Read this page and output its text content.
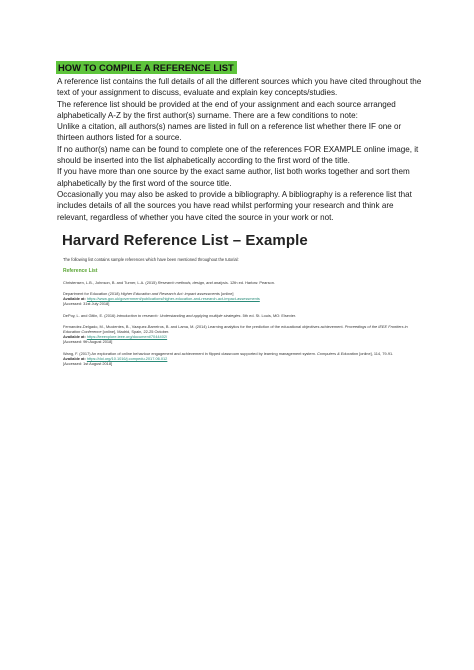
HOW TO COMPILE A REFERENCE LIST

A reference list contains the full details of all the different sources which you have cited throughout the text of your assignment to discuss, evaluate and explain key concepts/studies.

The reference list should be provided at the end of your assignment and each source arranged alphabetically A-Z by the first author(s) surname. There are a few conditions to note:

Unlike a citation, all authors(s) names are listed in full on a reference list whether there IF one or thirteen authors listed for a source.

If no author(s) name can be found to complete one of the references FOR EXAMPLE online image, it should be inserted into the list alphabetically according to the first word of the title.

If you have more than one source by the exact same author, list both works together and sort them alphabetically by the first word of the source title.

Occasionally you may also be asked to provide a bibliography. A bibliography is a reference list that includes details of all the sources you have read whilst performing your research and think are relevant, regardless of whether you have cited the source in your work or not.

Harvard Reference List – Example
The following list contains sample references which have been mentioned throughout the tutorial:
Reference List
Christensen, L.B., Johnson, B. and Turner, L.A. (2015) Research methods, design, and analysis. 12th ed. Harlow: Pearson.
Department for Education (2018) Higher Education and Research Act: impact assessments [online]
Available at: https://www.gov.uk/government/publications/higher-education-and-research-act-impact-assessments
[Accessed: 31st July 2018]
DePoy, L. and Gitlin, E. (2016) Introduction to research: Understanding and applying multiple strategies. 5th ed. St. Louis, MO: Elsevier.
Fernandez-Delgado, M., Mucientes, B., Vazquez-Barreiros, B. and Lama, M. (2014) Learning analytics for the prediction of the educational objectives achievement. Proceedings of the IEEE Frontiers in Education Conference [online], Madrid, Spain, 22-25 October.
Available at: https://ieeexplore.ieee.org/document/7044402/
[Accessed: 9th August 2018]
Wang, F. (2017) An exploration of online behaviour engagement and achievement in flipped classroom supported by learning management system. Computers & Education [online], 114, 79-91.
Available at: https://doi.org/10.1016/j.compedu.2017.06.012
[Accessed: 1st August 2018]
